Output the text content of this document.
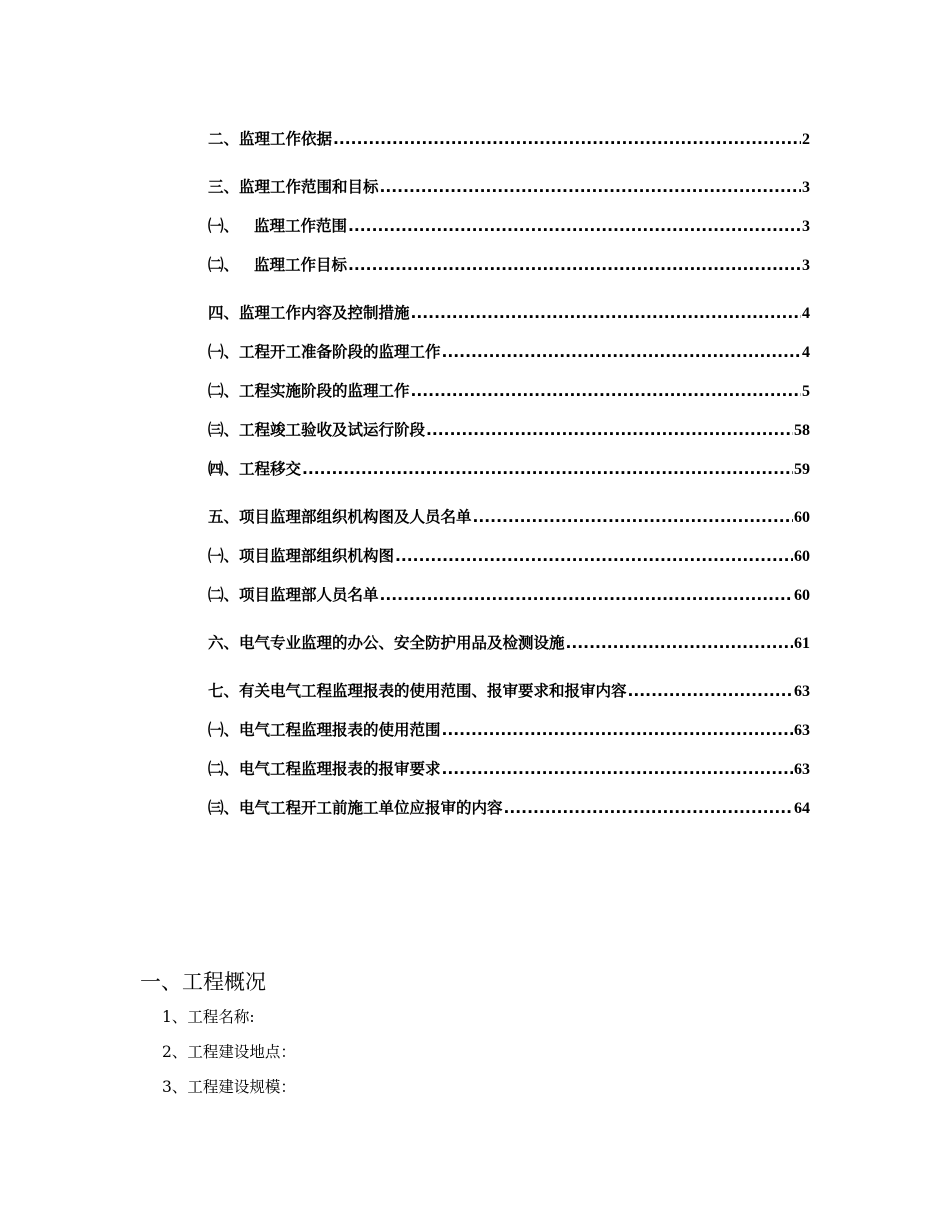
二、监理工作依据 .....	2
三、监理工作范围和目标 .....	3
㈠、 监理工作范围 .....	3
㈡、 监理工作目标 .....	3
四、监理工作内容及控制措施 .....	4
㈠、工程开工准备阶段的监理工作 .....	4
㈡、工程实施阶段的监理工作 .....	5
㈢、工程竣工验收及试运行阶段 .....	58
㈣、工程移交 .....	59
五、项目监理部组织机构图及人员名单 .....	60
㈠、项目监理部组织机构图 .....	60
㈡、项目监理部人员名单 .....	60
六、电气专业监理的办公、安全防护用品及检测设施 .....	61
七、有关电气工程监理报表的使用范围、报审要求和报审内容 .....	63
㈠、电气工程监理报表的使用范围 .....	63
㈡、电气工程监理报表的报审要求 .....	63
㈢、电气工程开工前施工单位应报审的内容 .....	64
一、工程概况
1、工程名称:
2、工程建设地点：
3、工程建设规模：
